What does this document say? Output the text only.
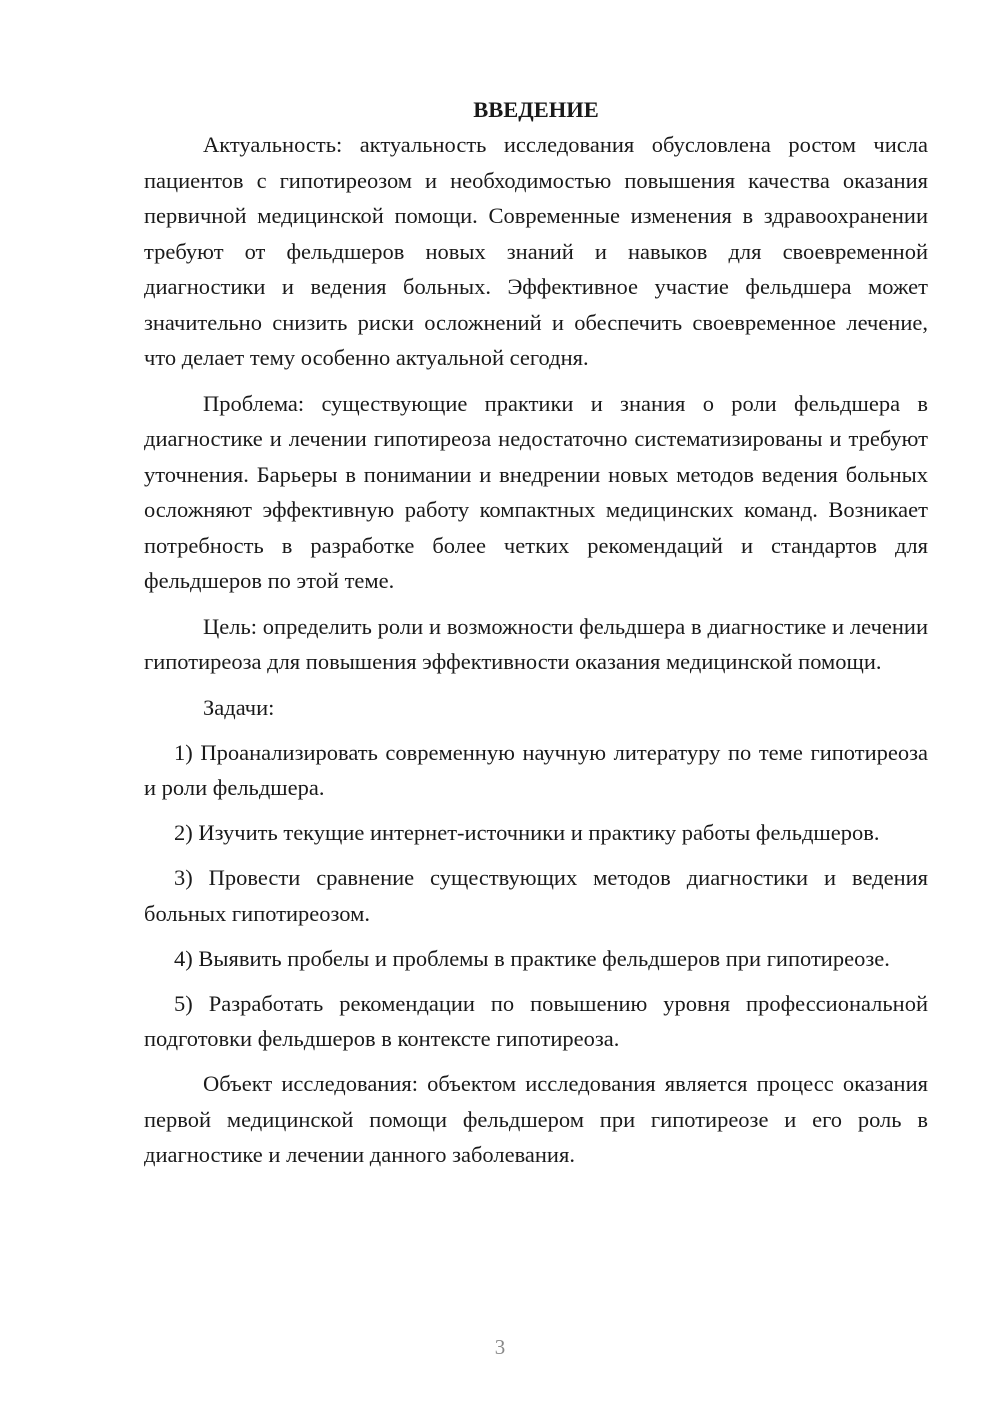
ВВЕДЕНИЕ

Актуальность: актуальность исследования обусловлена ростом числа пациентов с гипотиреозом и необходимостью повышения качества оказания первичной медицинской помощи. Современные изменения в здравоохранении требуют от фельдшеров новых знаний и навыков для своевременной диагностики и ведения больных. Эффективное участие фельдшера может значительно снизить риски осложнений и обеспечить своевременное лечение, что делает тему особенно актуальной сегодня.

Проблема: существующие практики и знания о роли фельдшера в диагностике и лечении гипотиреоза недостаточно систематизированы и требуют уточнения. Барьеры в понимании и внедрении новых методов ведения больных осложняют эффективную работу компактных медицинских команд. Возникает потребность в разработке более четких рекомендаций и стандартов для фельдшеров по этой теме.

Цель: определить роли и возможности фельдшера в диагностике и лечении гипотиреоза для повышения эффективности оказания медицинской помощи.

Задачи:

1) Проанализировать современную научную литературу по теме гипотиреоза и роли фельдшера.

2) Изучить текущие интернет-источники и практику работы фельдшеров.

3) Провести сравнение существующих методов диагностики и ведения больных гипотиреозом.

4) Выявить пробелы и проблемы в практике фельдшеров при гипотиреозе.

5) Разработать рекомендации по повышению уровня профессиональной подготовки фельдшеров в контексте гипотиреоза.

Объект исследования: объектом исследования является процесс оказания первой медицинской помощи фельдшером при гипотиреозе и его роль в диагностике и лечении данного заболевания.

3
